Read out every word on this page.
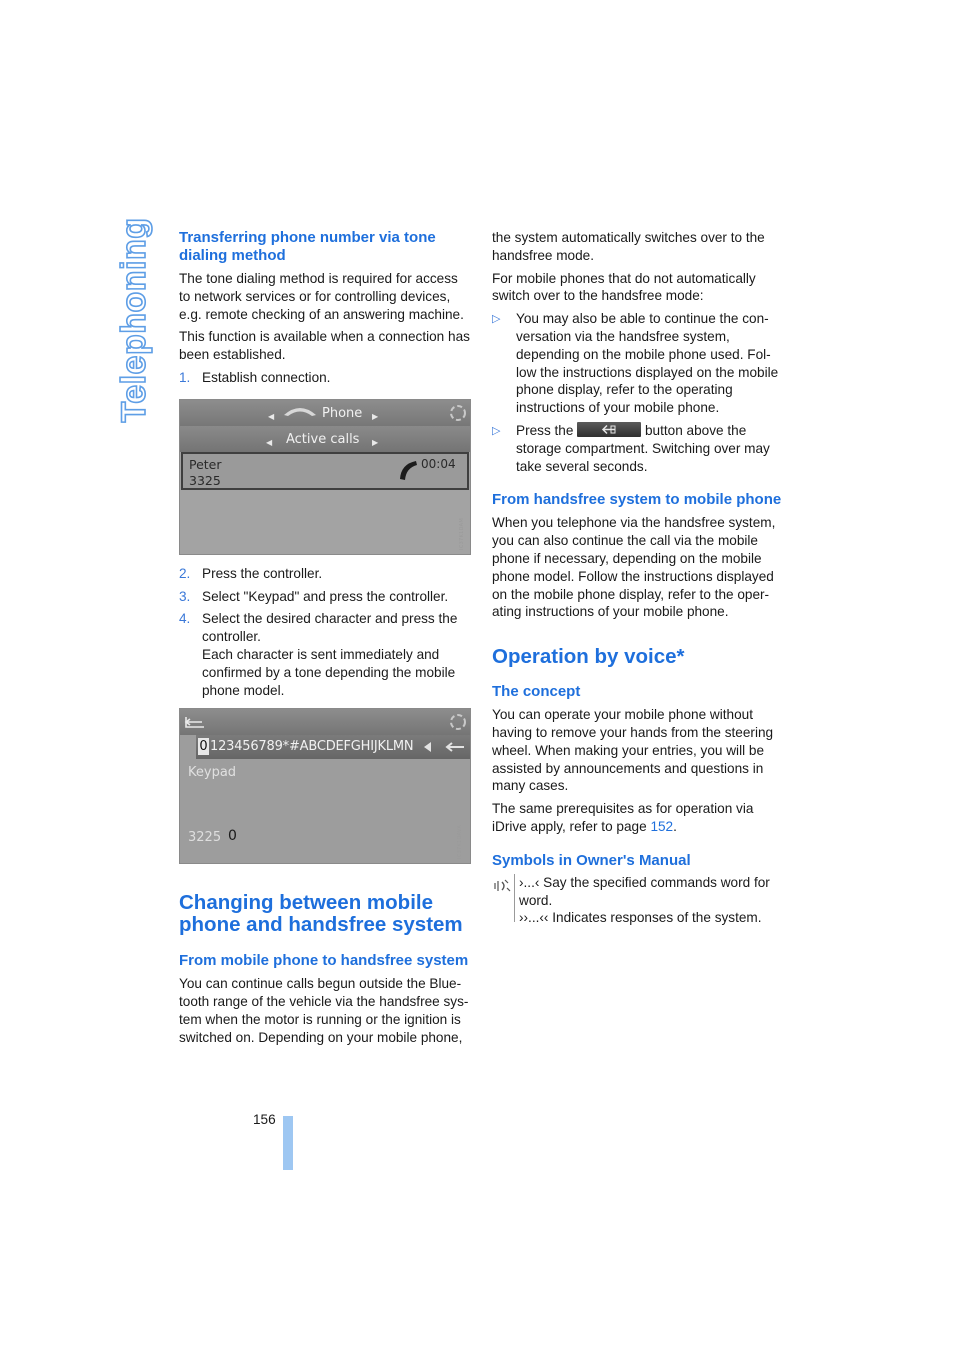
Telephoning Transferring phone number via tone dialing method

The tone dialing method is required for access to network services or for controlling devices, e.g. remote checking of an answering machine.

This function is available when a connection has been established.

1. Establish connection.
◀	Phone ▶
◀ Active calls ▶
Peter
3325
00:04
IC37K1DAM
2. Press the controller.
3. Select "Keypad" and press the controller.
4. Select the desired character and press the controller.
Each character is sent immediately and confirmed by a tone depending the mobile phone model.
0 123456789*#ABCDEFGHIJKLMN
Keypad
3225 0	IC37K1DAVA
Changing between mobile phone and handsfree system
From mobile phone to handsfree system

You can continue calls begun outside the Blue-tooth range of the vehicle via the handsfree sys-tem when the motor is running or the ignition is switched on. Depending on your mobile phone,

the system automatically switches over to the handsfree mode.

For mobile phones that do not automatically switch over to the handsfree mode:

▷	You may also be able to continue the con-versation via the handsfree system, depending on the mobile phone used. Fol-low the instructions displayed on the mobile phone display, refer to the operating instructions of your mobile phone.
▷	Press the	button above the storage compartment. Switching over may take several seconds.
From handsfree system to mobile phone

When you telephone via the handsfree system, you can also continue the call via the mobile phone if necessary, depending on the mobile phone model. Follow the instructions displayed on the mobile phone display, refer to the oper-ating instructions of your mobile phone.

Operation by voice*
The concept

You can operate your mobile phone without having to remove your hands from the steering wheel. When making your entries, you will be assisted by announcements and questions in many cases.

The same prerequisites as for operation via iDrive apply, refer to page 152.

Symbols in Owner's Manual

›...‹ Say the specified commands word for word.

››...‹‹ Indicates responses of the system.

156
